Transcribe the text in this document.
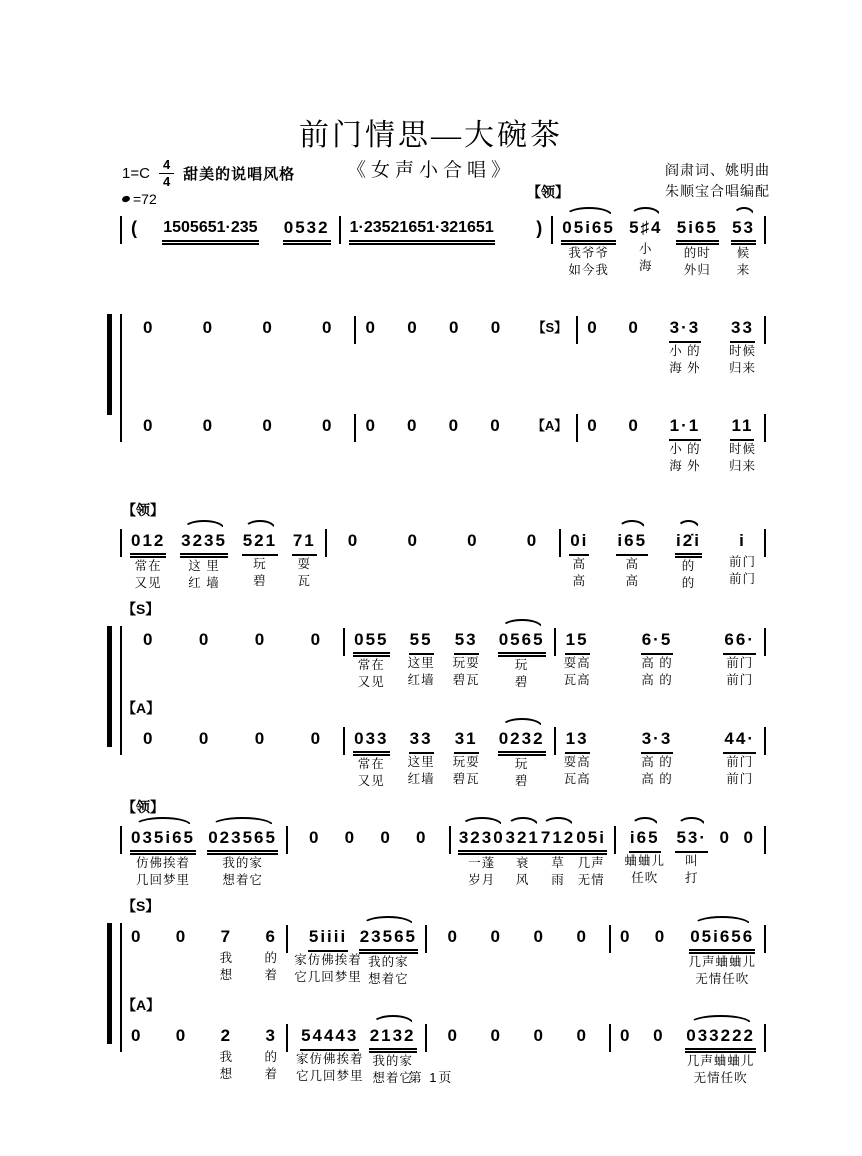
前门情思—大碗茶
《女声小合唱》
$1=C \frac{4}{4}$ 甜美的说唱风格
=72
阎肃词、姚明曲
朱顺宝合唱编配
【领】
( 1505651·235 0532 1·23521651·321651 ) 05i65
我爷爷
如今我
5♯4
小
海
5i65
的时
外归
53
候
来
0	0	0	0 0 0 0 0 【S】 0 0 3·3
小 的
海 外
33
时候
归来
0	0	0	0 0 0 0 0 【A】 0 0 1·1
小 的
海 外
11
时候
归来
【领】
012
常在
又见
3235
这 里
红 墙
521
玩
碧
71
耍
瓦
0	0	0	0 0i
高
高
i65
高
高
i2̇i
的
的
i
前门
前门
【S】
0	0	0	0 055
常在
又见
55
这里
红墙
53
玩耍
碧瓦
0565
玩
碧
15
耍高
瓦高
6·5
高 的
高 的
66·
前门
前门
【A】
0	0	0	0 033
常在
又见
33
这里
红墙
31
玩耍
碧瓦
0232
玩
碧
13
耍高
瓦高
3·3
高 的
高 的
44·
前门
前门
【领】
035i65
仿佛挨着
几回梦里
023565
我的家
想着它
0 0 0 0 3230
一蓬
岁月
321
衰
风
712
草
雨
05i
几声
无情
i65
蛐蛐儿
任吹
53·
叫
打
0 0
【S】
0 0 7
我
想
6
的
着
5iiii
家仿佛挨着
它几回梦里
23565
我的家
想着它
0 0 0 0 0 0 05i656
几声蛐蛐儿
无情任吹
【A】
0 0 2
我
想
3
的
着
54443
家仿佛挨着
它几回梦里
2132
我的家
想着它
0 0 0 0 0 0 033222
几声蛐蛐儿
无情任吹
第 1页
